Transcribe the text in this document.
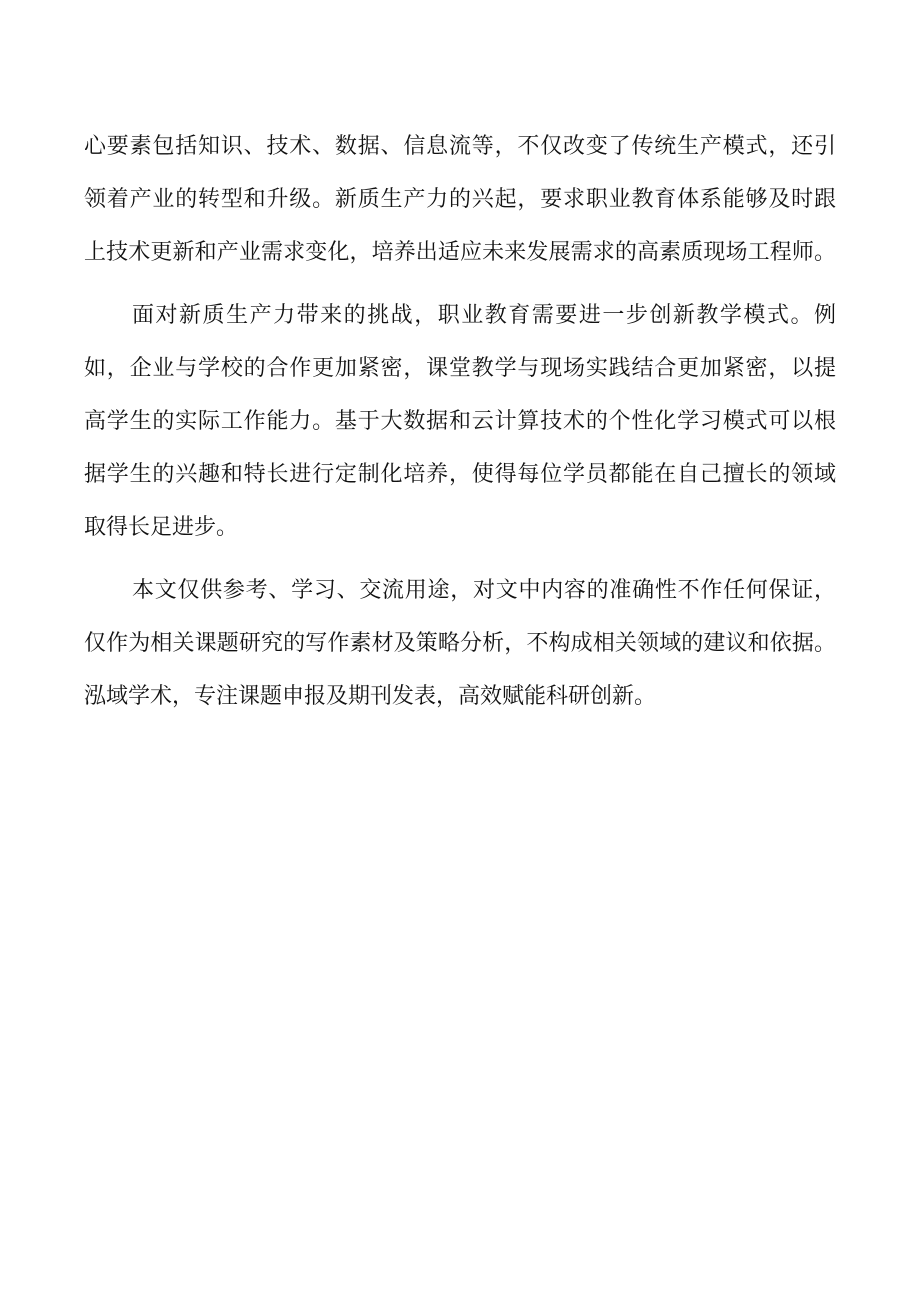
心要素包括知识、技术、数据、信息流等，不仅改变了传统生产模式，还引
领着产业的转型和升级。新质生产力的兴起，要求职业教育体系能够及时跟
上技术更新和产业需求变化，培养出适应未来发展需求的高素质现场工程师。
面对新质生产力带来的挑战，职业教育需要进一步创新教学模式。例
如，企业与学校的合作更加紧密，课堂教学与现场实践结合更加紧密，以提
高学生的实际工作能力。基于大数据和云计算技术的个性化学习模式可以根
据学生的兴趣和特长进行定制化培养，使得每位学员都能在自己擅长的领域
取得长足进步。
本文仅供参考、学习、交流用途，对文中内容的准确性不作任何保证，
仅作为相关课题研究的写作素材及策略分析，不构成相关领域的建议和依据。
泓域学术，专注课题申报及期刊发表，高效赋能科研创新。
